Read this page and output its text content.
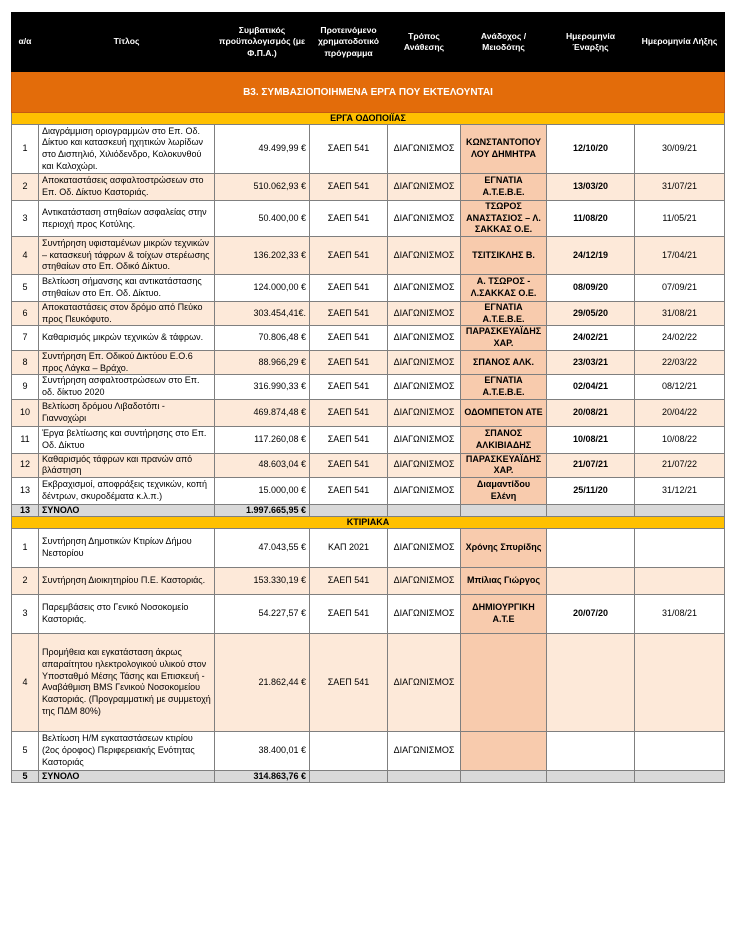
α/α	Τίτλος	Συμβατικός προϋπολογισμός (με Φ.Π.Α.)	Προτεινόμενο χρηματοδοτικό πρόγραμμα	Τρόπος Ανάθεσης	Ανάδοχος / Μειοδότης	Ημερομηνία Έναρξης	Ημερομηνία Λήξης
Β3. ΣΥΜΒΑΣΙΟΠΟΙΗΜΕΝΑ ΕΡΓΑ ΠΟΥ ΕΚΤΕΛΟΥΝΤΑΙ							
ΕΡΓΑ ΟΔΟΠΟΙΪΑΣ							
1	Διαγράμμιση οριογραμμών στο Επ. Οδ. Δίκτυο και κατασκευή ηχητικών λωρίδων στο Δισπηλιό, Χιλιόδενδρο, Κολοκυνθού και Καλοχώρι.	49.499,99 €	ΣΑΕΠ 541	ΔΙΑΓΩΝΙΣΜΟΣ	ΚΩΝΣΤΑΝΤΟΠΟΥ ΛΟΥ ΔΗΜΗΤΡΑ	12/10/20	30/09/21
2	Αποκαταστάσεις ασφαλτοστρώσεων στο Επ. Οδ. Δίκτυο Καστοριάς.	510.062,93 €	ΣΑΕΠ 541	ΔΙΑΓΩΝΙΣΜΟΣ	ΕΓΝΑΤΙΑ Α.Τ.Ε.Β.Ε.	13/03/20	31/07/21
3	Αντικατάσταση στηθαίων ασφαλείας στην περιοχή προς Κοτύλης.	50.400,00 €	ΣΑΕΠ 541	ΔΙΑΓΩΝΙΣΜΟΣ	ΤΣΩΡΟΣ ΑΝΑΣΤΑΣΙΟΣ – Λ. ΣΑΚΚΑΣ Ο.Ε.	11/08/20	11/05/21
4	Συντήρηση υφισταμένων μικρών τεχνικών – κατασκευή τάφρων & τοίχων στερέωσης στηθαίων στο Επ. Οδικό Δίκτυο.	136.202,33 €	ΣΑΕΠ 541	ΔΙΑΓΩΝΙΣΜΟΣ	ΤΣΙΤΣΙΚΛΗΣ Β.	24/12/19	17/04/21
5	Βελτίωση σήμανσης και αντικατάστασης στηθαίων στο Επ. Οδ. Δίκτυο.	124.000,00 €	ΣΑΕΠ 541	ΔΙΑΓΩΝΙΣΜΟΣ	Α. ΤΣΩΡΟΣ - Λ.ΣΑΚΚΑΣ Ο.Ε.	08/09/20	07/09/21
6	Αποκαταστάσεις στον δρόμο από Πεύκο προς Πευκόφυτο.	303.454,41€.	ΣΑΕΠ 541	ΔΙΑΓΩΝΙΣΜΟΣ	ΕΓΝΑΤΙΑ Α.Τ.Ε.Β.Ε.	29/05/20	31/08/21
7	Καθαρισμός μικρών τεχνικών & τάφρων.	70.806,48 €	ΣΑΕΠ 541	ΔΙΑΓΩΝΙΣΜΟΣ	ΠΑΡΑΣΚΕΥΑΪΔΗΣ ΧΑΡ.	24/02/21	24/02/22
8	Συντήρηση Επ. Οδικού Δικτύου Ε.Ο.6 προς Λάγκα – Βράχο.	88.966,29 €	ΣΑΕΠ 541	ΔΙΑΓΩΝΙΣΜΟΣ	ΣΠΑΝΟΣ ΑΛΚ.	23/03/21	22/03/22
9	Συντήρηση ασφαλτοστρώσεων στο Επ. οδ. δίκτυο 2020	316.990,33 €	ΣΑΕΠ 541	ΔΙΑΓΩΝΙΣΜΟΣ	ΕΓΝΑΤΙΑ Α.Τ.Ε.Β.Ε.	02/04/21	08/12/21
10	Βελτίωση δρόμου Λιβαδοτόπι - Γιαννοχώρι	469.874,48 €	ΣΑΕΠ 541	ΔΙΑΓΩΝΙΣΜΟΣ	ΟΔΟΜΠΕΤΟΝ ΑΤΕ	20/08/21	20/04/22
11	Έργα βελτίωσης και συντήρησης στο Επ. Οδ. Δίκτυο	117.260,08 €	ΣΑΕΠ 541	ΔΙΑΓΩΝΙΣΜΟΣ	ΣΠΑΝΟΣ ΑΛΚΙΒΙΑΔΗΣ	10/08/21	10/08/22
12	Καθαρισμός τάφρων και πρανών από βλάστηση	48.603,04 €	ΣΑΕΠ 541	ΔΙΑΓΩΝΙΣΜΟΣ	ΠΑΡΑΣΚΕΥΑΪΔΗΣ ΧΑΡ.	21/07/21	21/07/22
13	Εκβραχισμοί, αποφράξεις τεχνικών, κοπή δέντρων, σκυροδέματα κ.λ.π.)	15.000,00 €	ΣΑΕΠ 541	ΔΙΑΓΩΝΙΣΜΟΣ	Διαμαντίδου Ελένη	25/11/20	31/12/21
13	ΣΥΝΟΛΟ	1.997.665,95 €					
ΚΤΙΡΙΑΚΑ							
1	Συντήρηση Δημοτικών Κτιρίων Δήμου Νεστορίου	47.043,55 €	ΚΑΠ 2021	ΔΙΑΓΩΝΙΣΜΟΣ	Χρόνης Σπυρίδης		
2	Συντήρηση Διοικητηρίου Π.Ε. Καστοριάς.	153.330,19 €	ΣΑΕΠ 541	ΔΙΑΓΩΝΙΣΜΟΣ	Μπίλιας Γιώργος		
3	Παρεμβάσεις στο Γενικό Νοσοκομείο Καστοριάς.	54.227,57 €	ΣΑΕΠ 541	ΔΙΑΓΩΝΙΣΜΟΣ	ΔΗΜΙΟΥΡΓΙΚΗ Α.Τ.Ε	20/07/20	31/08/21
4	Προμήθεια και εγκατάσταση άκρως απαραίτητου ηλεκτρολογικού υλικού στον Υποσταθμό Μέσης Τάσης και Επισκευή - Αναβάθμιση BMS Γενικού Νοσοκομείου Καστοριάς. (Προγραμματική με συμμετοχή της ΠΔΜ 80%)	21.862,44 €	ΣΑΕΠ 541	ΔΙΑΓΩΝΙΣΜΟΣ			
5	Βελτίωση Η/Μ εγκαταστάσεων κτιρίου (2ος όροφος) Περιφερειακής Ενότητας Καστοριάς	38.400,01 €		ΔΙΑΓΩΝΙΣΜΟΣ			
5	ΣΥΝΟΛΟ	314.863,76 €					
